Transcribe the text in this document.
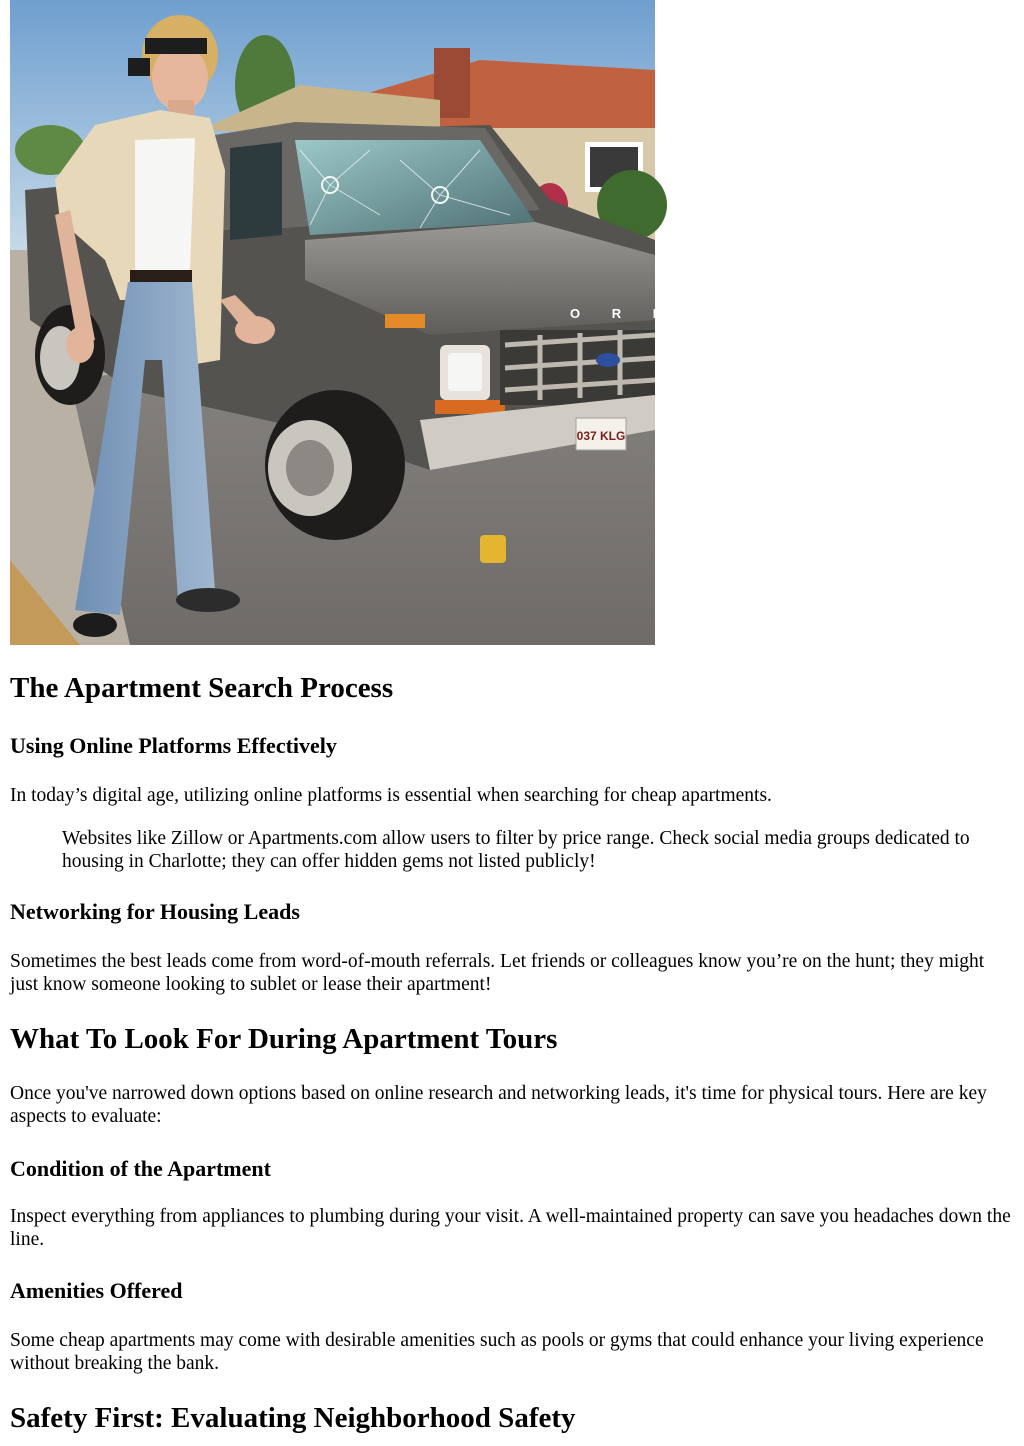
O R D
037 KLG
The Apartment Search Process
Using Online Platforms Effectively

In today’s digital age, utilizing online platforms is essential when searching for cheap apartments.

Websites like Zillow or Apartments.com allow users to filter by price range. Check social media groups dedicated to housing in Charlotte; they can offer hidden gems not listed publicly!

Networking for Housing Leads

Sometimes the best leads come from word-of-mouth referrals. Let friends or colleagues know you’re on the hunt; they might just know someone looking to sublet or lease their apartment!

What To Look For During Apartment Tours

Once you've narrowed down options based on online research and networking leads, it's time for physical tours. Here are key aspects to evaluate:

Condition of the Apartment

Inspect everything from appliances to plumbing during your visit. A well-maintained property can save you headaches down the line.

Amenities Offered

Some cheap apartments may come with desirable amenities such as pools or gyms that could enhance your living experience without breaking the bank.

Safety First: Evaluating Neighborhood Safety
